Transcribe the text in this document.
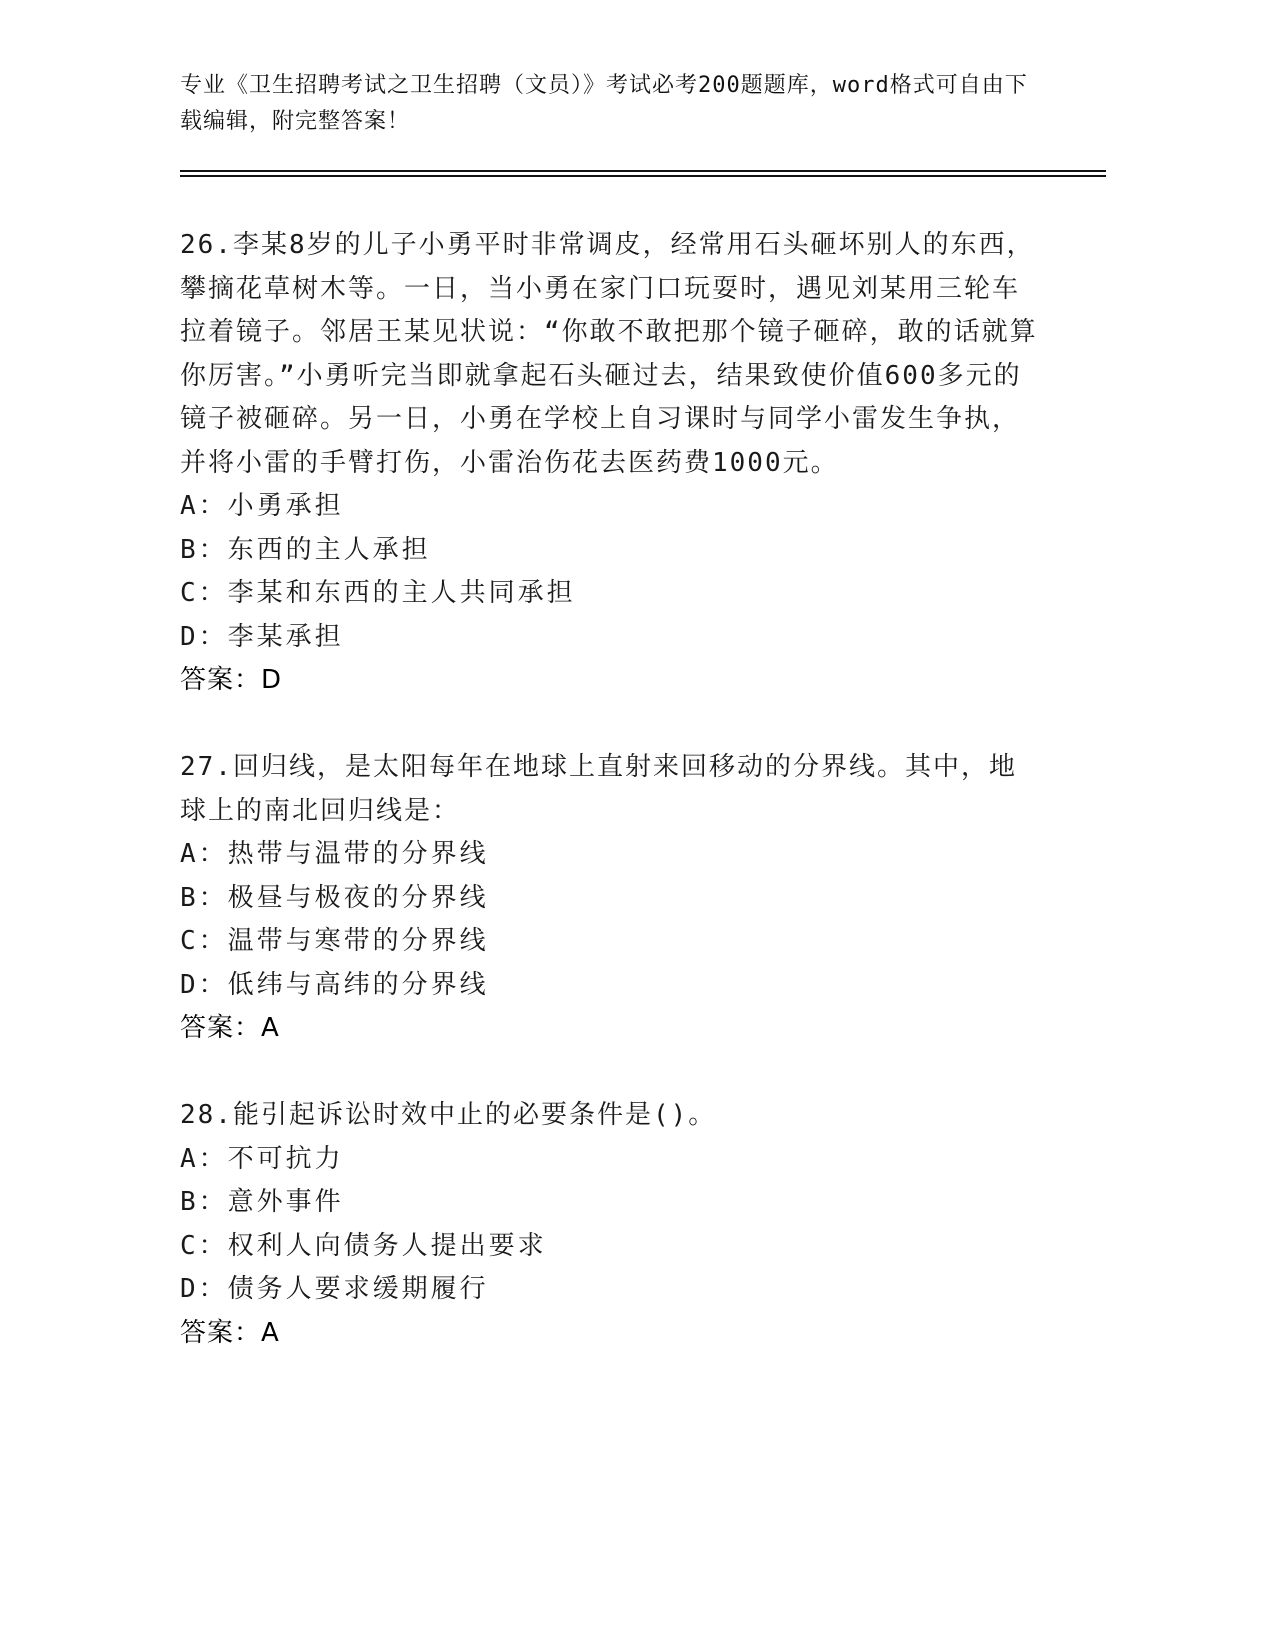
专业《卫生招聘考试之卫生招聘（文员）》考试必考200题题库，word格式可自由下载编辑，附完整答案！

26.李某8岁的儿子小勇平时非常调皮，经常用石头砸坏别人的东西，攀摘花草树木等。一日，当小勇在家门口玩耍时，遇见刘某用三轮车拉着镜子。邻居王某见状说：“你敢不敢把那个镜子砸碎，敢的话就算你厉害。”小勇听完当即就拿起石头砸过去，结果致使价值600多元的镜子被砸碎。另一日，小勇在学校上自习课时与同学小雷发生争执，并将小雷的手臂打伤，小雷治伤花去医药费1000元。

A：小勇承担

B：东西的主人承担

C：李某和东西的主人共同承担

D：李某承担

答案：D

27.回归线，是太阳每年在地球上直射来回移动的分界线。其中，地球上的南北回归线是：

A：热带与温带的分界线

B：极昼与极夜的分界线

C：温带与寒带的分界线

D：低纬与高纬的分界线

答案：A

28.能引起诉讼时效中止的必要条件是()。

A：不可抗力

B：意外事件

C：权利人向债务人提出要求

D：债务人要求缓期履行

答案：A
